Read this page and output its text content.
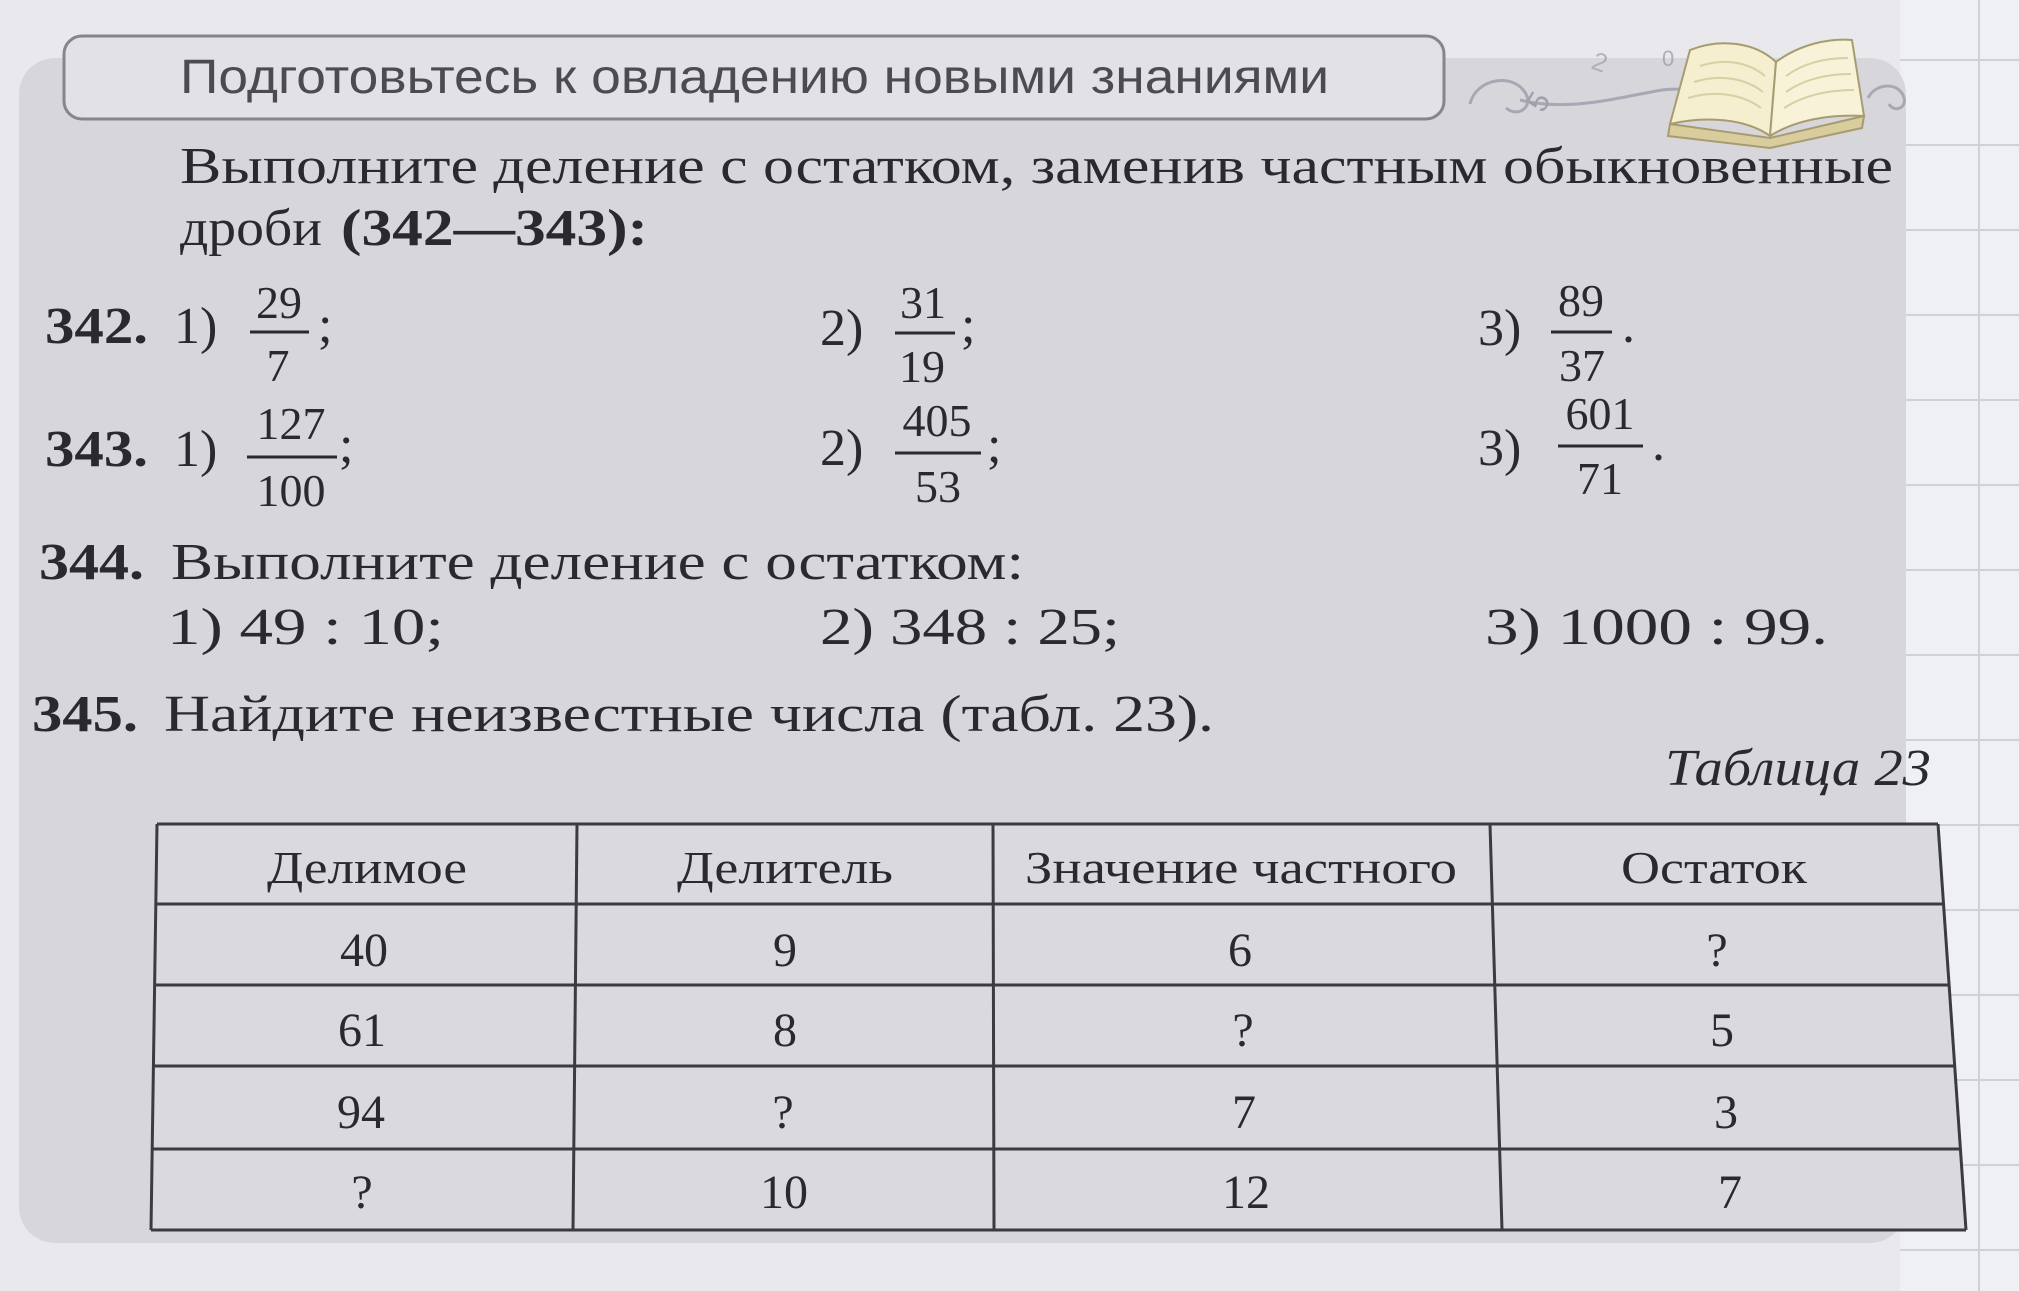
Подготовьтесь к овладению новыми знаниями	5
2 0
Выполните деление с остатком, заменив частным обыкновенные
дроби (342—343):
342. 1) 29
7
;	2) 31
19
;	3) 89
37
.
343. 1) 127
100
;	2) 405
53
;	3)
601
71
.
344. Выполните деление с остатком:
1) 49 : 10;	2) 348 : 25;	3) 1000 : 99.
345. Найдите неизвестные числа (табл. 23).
Таблица 23
Делимое	Делитель	Значение частного	Остаток
40	9	6	?
61	8	?	5
94	?	7	3
?	10	12	7
